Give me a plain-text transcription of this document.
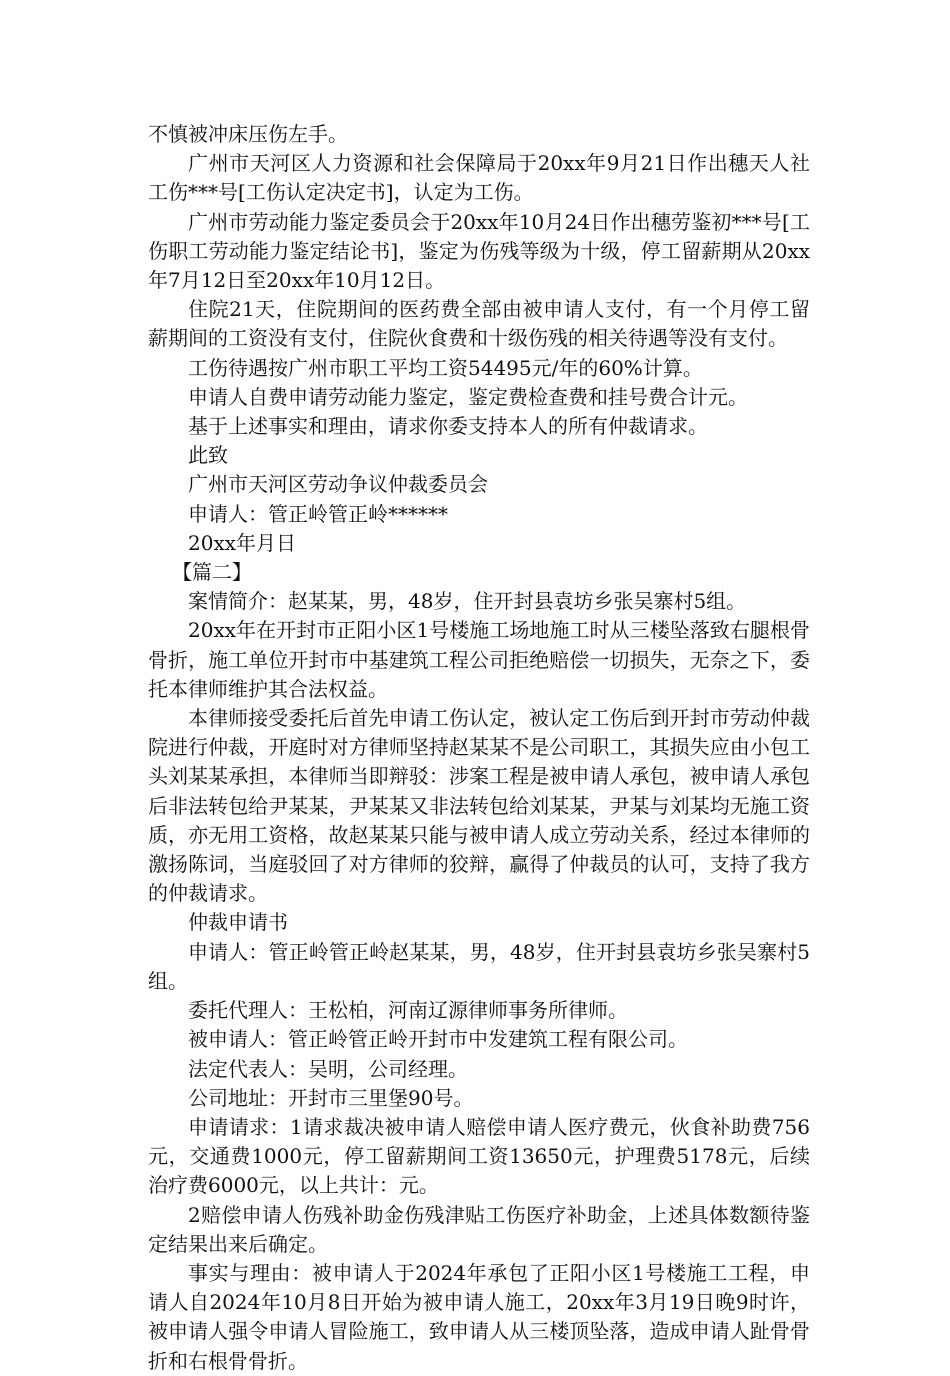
不慎被冲床压伤左手。

广州市天河区人力资源和社会保障局于20xx年9月21日作出穗天人社工伤***号[工伤认定决定书]，认定为工伤。

广州市劳动能力鉴定委员会于20xx年10月24日作出穗劳鉴初***号[工伤职工劳动能力鉴定结论书]，鉴定为伤残等级为十级，停工留薪期从20xx年7月12日至20xx年10月12日。

住院21天，住院期间的医药费全部由被申请人支付，有一个月停工留薪期间的工资没有支付，住院伙食费和十级伤残的相关待遇等没有支付。

工伤待遇按广州市职工平均工资54495元/年的60%计算。

申请人自费申请劳动能力鉴定，鉴定费检查费和挂号费合计元。

基于上述事实和理由，请求你委支持本人的所有仲裁请求。

此致

广州市天河区劳动争议仲裁委员会

申请人：管正岭管正岭******

20xx年月日

【篇二】

案情简介：赵某某，男，48岁，住开封县袁坊乡张吴寨村5组。

20xx年在开封市正阳小区1号楼施工场地施工时从三楼坠落致右腿根骨骨折，施工单位开封市中基建筑工程公司拒绝赔偿一切损失，无奈之下，委托本律师维护其合法权益。

本律师接受委托后首先申请工伤认定，被认定工伤后到开封市劳动仲裁院进行仲裁，开庭时对方律师坚持赵某某不是公司职工，其损失应由小包工头刘某某承担，本律师当即辩驳：涉案工程是被申请人承包，被申请人承包后非法转包给尹某某，尹某某又非法转包给刘某某，尹某与刘某均无施工资质，亦无用工资格，故赵某某只能与被申请人成立劳动关系，经过本律师的激扬陈词，当庭驳回了对方律师的狡辩，赢得了仲裁员的认可，支持了我方的仲裁请求。

仲裁申请书

申请人：管正岭管正岭赵某某，男，48岁，住开封县袁坊乡张吴寨村5组。

委托代理人：王松柏，河南辽源律师事务所律师。

被申请人：管正岭管正岭开封市中发建筑工程有限公司。

法定代表人：吴明，公司经理。

公司地址：开封市三里堡90号。

申请请求：1请求裁决被申请人赔偿申请人医疗费元，伙食补助费756元，交通费1000元，停工留薪期间工资13650元，护理费5178元，后续治疗费6000元，以上共计：元。

2赔偿申请人伤残补助金伤残津贴工伤医疗补助金，上述具体数额待鉴定结果出来后确定。

事实与理由：被申请人于2024年承包了正阳小区1号楼施工工程，申请人自2024年10月8日开始为被申请人施工，20xx年3月19日晚9时许，被申请人强令申请人冒险施工，致申请人从三楼顶坠落，造成申请人趾骨骨折和右根骨骨折。
